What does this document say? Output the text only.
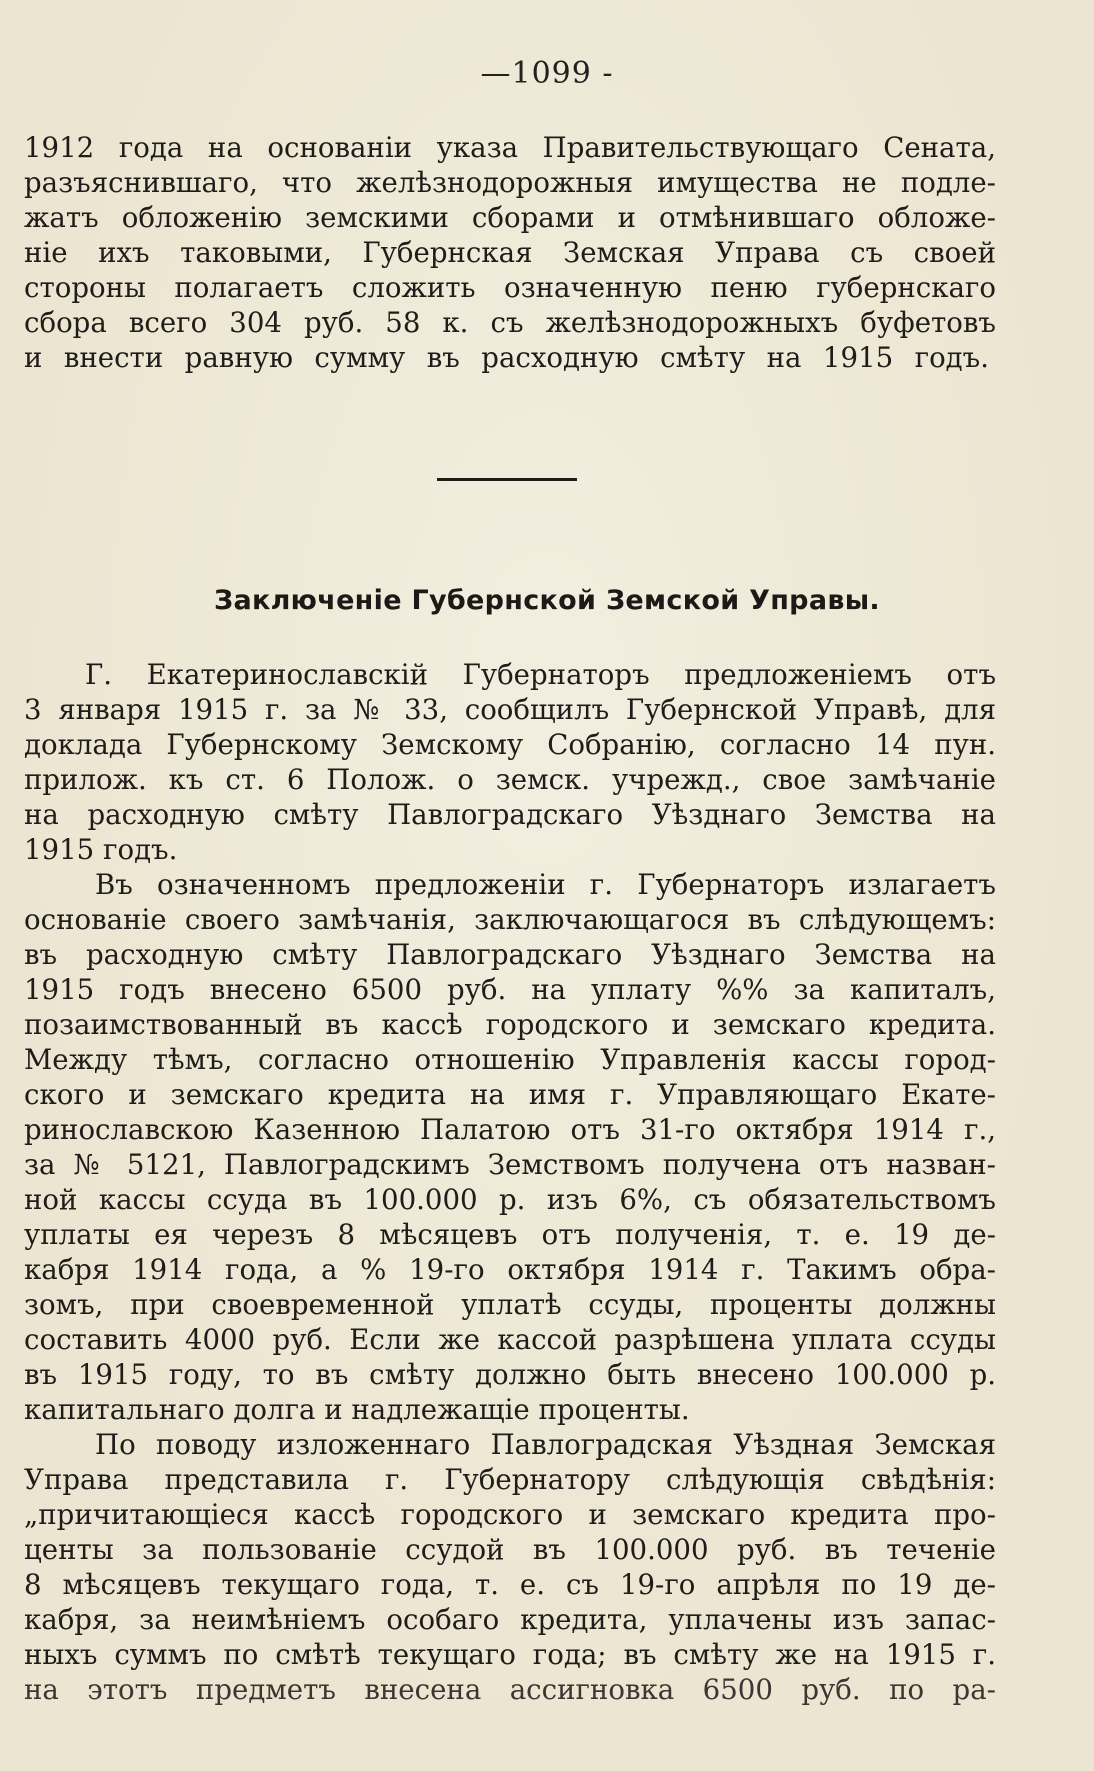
—1099 -
1912 года на основанiи указа Правительствующаго Сената,
разъяснившаго, что желѣзнодорожныя имущества не подле-
жатъ обложенiю земскими сборами и отмѣнившаго обложе-
нiе ихъ таковыми, Губернская Земская Управа съ своей
стороны полагаетъ сложить означенную пеню губернскаго
сбора всего 304 руб. 58 к. съ желѣзнодорожныхъ буфетовъ
и внести равную сумму въ расходную смѣту на 1915 годъ.
Заключенiе Губернской Земской Управы.
Г. Екатеринославскiй Губернаторъ предложенiемъ отъ
3 января 1915 г. за № 33, сообщилъ Губернской Управѣ, для
доклада Губернскому Земскому Собранiю, согласно 14 пун.
прилож. къ ст. 6 Полож. о земск. учрежд., свое замѣчанiе
на расходную смѣту Павлоградскаго Уѣзднаго Земства на
1915 годъ.
Въ означенномъ предложенiи г. Губернаторъ излагаетъ
основанiе своего замѣчанiя, заключающагося въ слѣдующемъ:
въ расходную смѣту Павлоградскаго Уѣзднаго Земства на
1915 годъ внесено 6500 руб. на уплату %% за капиталъ,
позаимствованный въ кассѣ городского и земскаго кредита.
Между тѣмъ, согласно отношенiю Управленiя кассы город-
ского и земскаго кредита на имя г. Управляющаго Екате-
ринославскою Казенною Палатою отъ 31-го октября 1914 г.,
за № 5121, Павлоградскимъ Земствомъ получена отъ назван-
ной кассы ссуда въ 100.000 р. изъ 6%, съ обязательствомъ
уплаты ея черезъ 8 мѣсяцевъ отъ полученiя, т. е. 19 де-
кабря 1914 года, а % 19-го октября 1914 г. Такимъ обра-
зомъ, при своевременной уплатѣ ссуды, проценты должны
составить 4000 руб. Если же кассой разрѣшена уплата ссуды
въ 1915 году, то въ смѣту должно быть внесено 100.000 р.
капитальнаго долга и надлежащiе проценты.
По поводу изложеннаго Павлоградская Уѣздная Земская
Управа представила г. Губернатору слѣдующiя свѣдѣнiя:
„причитающiеся кассѣ городского и земскаго кредита про-
центы за пользованiе ссудой въ 100.000 руб. въ теченiе
8 мѣсяцевъ текущаго года, т. е. съ 19-го апрѣля по 19 де-
кабря, за неимѣнiемъ особаго кредита, уплачены изъ запас-
ныхъ суммъ по смѣтѣ текущаго года; въ смѣту же на 1915 г.
на этотъ предметъ внесена ассигновка 6500 руб. по ра-
